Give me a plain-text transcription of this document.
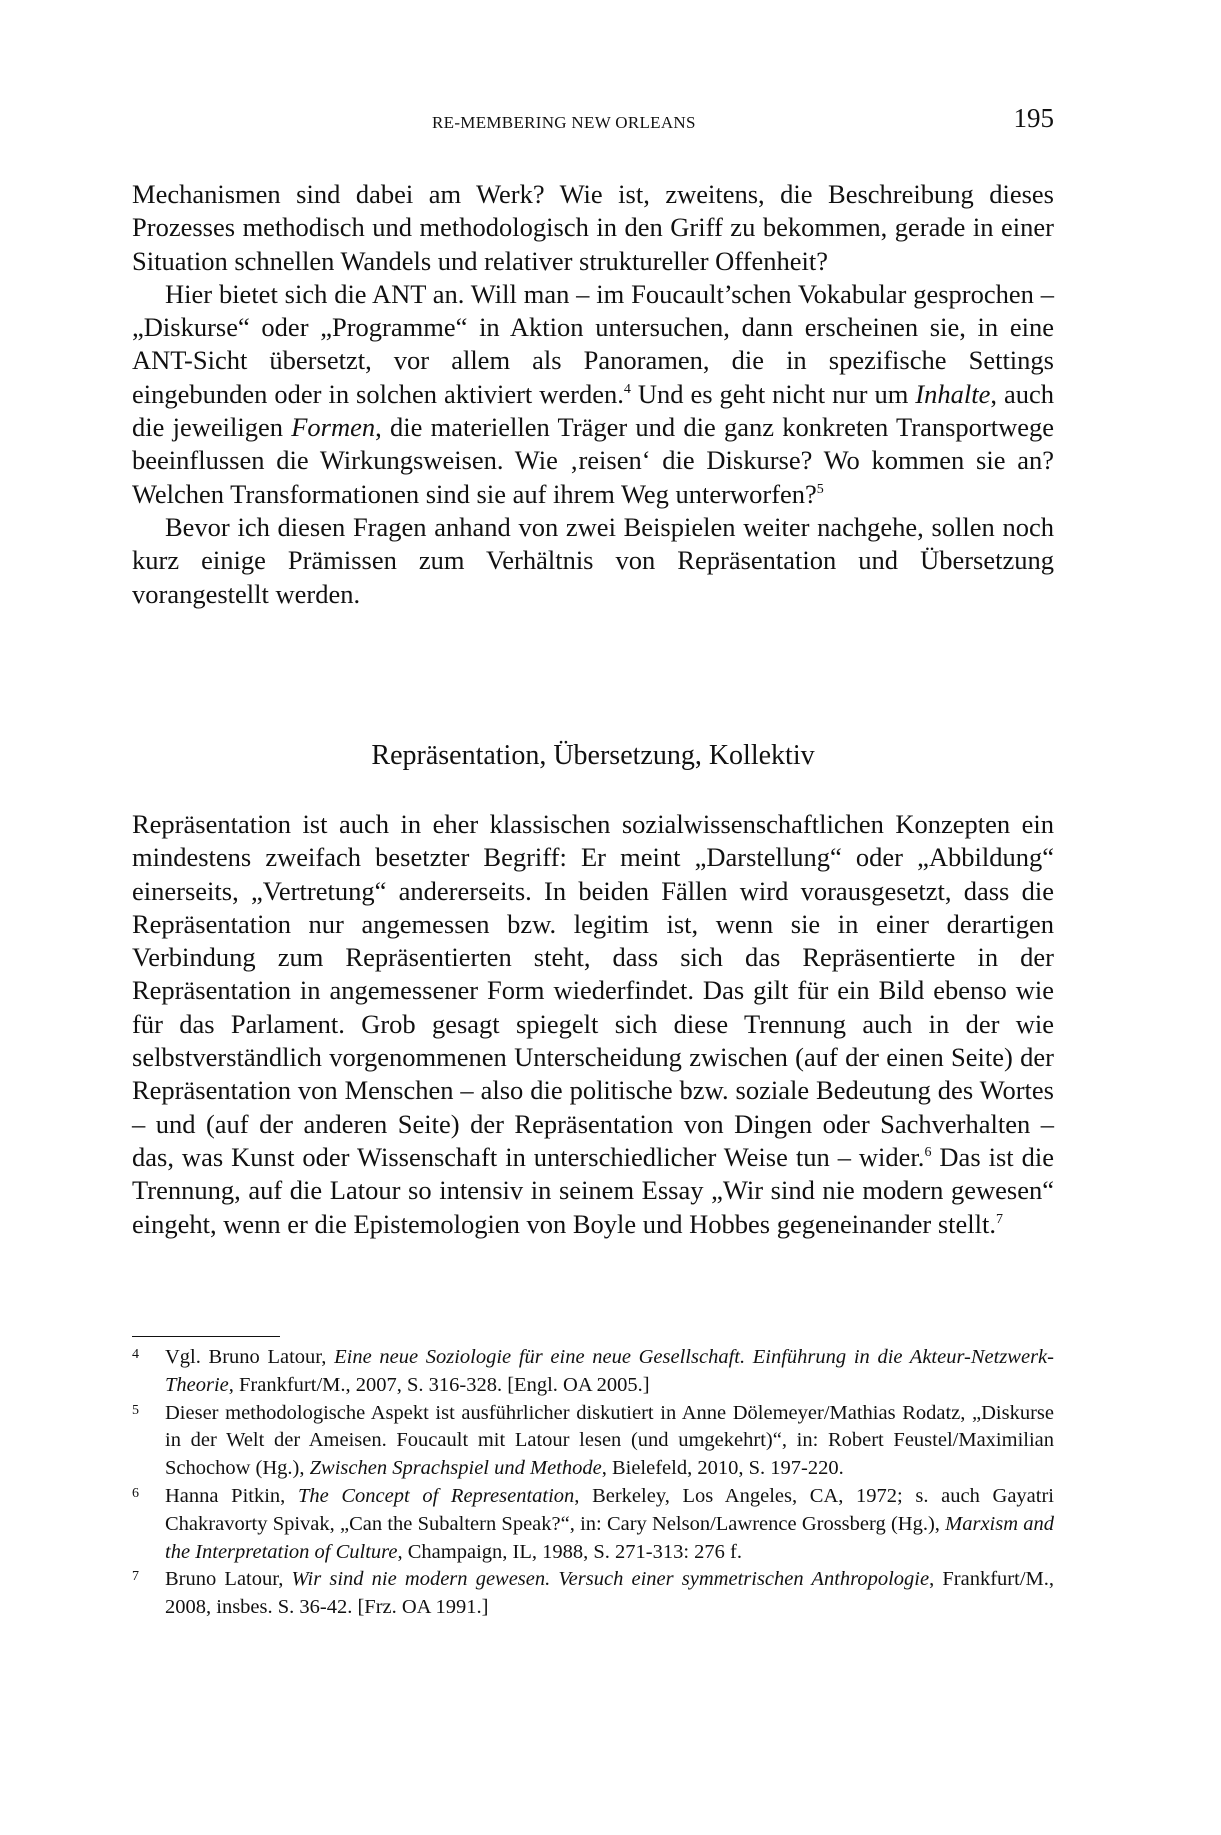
RE-MEMBERING NEW ORLEANS	195

Mechanismen sind dabei am Werk? Wie ist, zweitens, die Beschreibung dieses Prozesses methodisch und methodologisch in den Griff zu bekommen, gerade in einer Situation schnellen Wandels und relativer struktureller Offenheit?

Hier bietet sich die ANT an. Will man – im Foucault’schen Vokabular gesprochen – „Diskurse“ oder „Programme“ in Aktion untersuchen, dann erscheinen sie, in eine ANT-Sicht übersetzt, vor allem als Panoramen, die in spezifische Settings eingebunden oder in solchen aktiviert werden.$^4$ Und es geht nicht nur um Inhalte, auch die jeweiligen Formen, die materiellen Träger und die ganz konkreten Transportwege beeinflussen die Wirkungsweisen. Wie ‚reisen‘ die Diskurse? Wo kommen sie an? Welchen Transformationen sind sie auf ihrem Weg unterworfen?$^5$

Bevor ich diesen Fragen anhand von zwei Beispielen weiter nachgehe, sollen noch kurz einige Prämissen zum Verhältnis von Repräsentation und Übersetzung vorangestellt werden.

Repräsentation, Übersetzung, Kollektiv

Repräsentation ist auch in eher klassischen sozialwissenschaftlichen Konzepten ein mindestens zweifach besetzter Begriff: Er meint „Darstellung“ oder „Abbildung“ einerseits, „Vertretung“ andererseits. In beiden Fällen wird vorausgesetzt, dass die Repräsentation nur angemessen bzw. legitim ist, wenn sie in einer derartigen Verbindung zum Repräsentierten steht, dass sich das Repräsentierte in der Repräsentation in angemessener Form wiederfindet. Das gilt für ein Bild ebenso wie für das Parlament. Grob gesagt spiegelt sich diese Trennung auch in der wie selbstverständlich vorgenommenen Unterscheidung zwischen (auf der einen Seite) der Repräsentation von Menschen – also die politische bzw. soziale Bedeutung des Wortes – und (auf der anderen Seite) der Repräsentation von Dingen oder Sachverhalten – das, was Kunst oder Wissenschaft in unterschiedlicher Weise tun – wider.$^6$ Das ist die Trennung, auf die Latour so intensiv in seinem Essay „Wir sind nie modern gewesen“ eingeht, wenn er die Epistemologien von Boyle und Hobbes gegeneinander stellt.$^7$

4 Vgl. Bruno Latour, Eine neue Soziologie für eine neue Gesellschaft. Einführung in die Akteur-Netzwerk-Theorie, Frankfurt/M., 2007, S. 316-328. [Engl. OA 2005.]
5 Dieser methodologische Aspekt ist ausführlicher diskutiert in Anne Dölemeyer/Mathias Rodatz, „Diskurse in der Welt der Ameisen. Foucault mit Latour lesen (und umgekehrt)“, in: Robert Feustel/Maximilian Schochow (Hg.), Zwischen Sprachspiel und Methode, Bielefeld, 2010, S. 197-220.
6 Hanna Pitkin, The Concept of Representation, Berkeley, Los Angeles, CA, 1972; s. auch Gayatri Chakravorty Spivak, „Can the Subaltern Speak?“, in: Cary Nelson/Lawrence Grossberg (Hg.), Marxism and the Interpretation of Culture, Champaign, IL, 1988, S. 271-313: 276 f.
7 Bruno Latour, Wir sind nie modern gewesen. Versuch einer symmetrischen Anthropologie, Frankfurt/M., 2008, insbes. S. 36-42. [Frz. OA 1991.]
